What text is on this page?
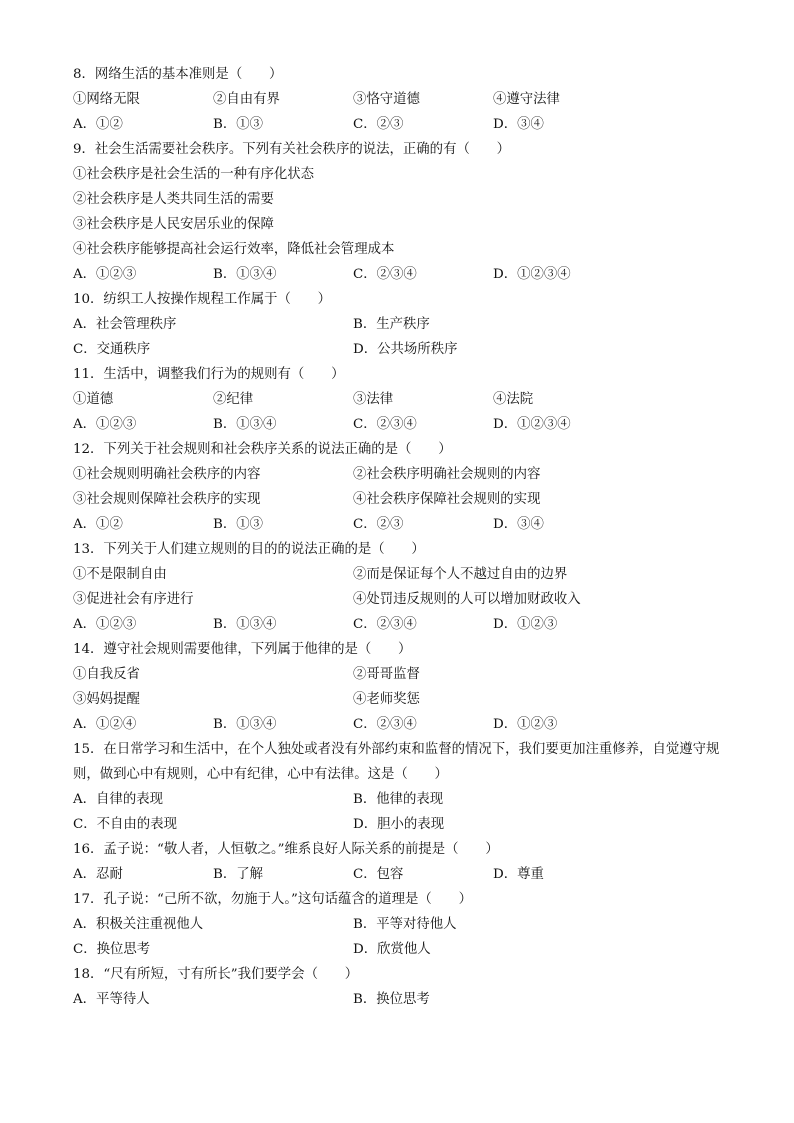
8．网络生活的基本准则是（　　）
①网络无限	②自由有界	③恪守道德	④遵守法律
A．①②	B．①③	C．②③	D．③④
9．社会生活需要社会秩序。下列有关社会秩序的说法，正确的有（　　）
①社会秩序是社会生活的一种有序化状态
②社会秩序是人类共同生活的需要
③社会秩序是人民安居乐业的保障
④社会秩序能够提高社会运行效率，降低社会管理成本
A．①②③	B．①③④	C．②③④	D．①②③④
10．纺织工人按操作规程工作属于（　　）
A．社会管理秩序	B．生产秩序
C．交通秩序	D．公共场所秩序
11．生活中，调整我们行为的规则有（　　）
①道德	②纪律	③法律	④法院
A．①②③	B．①③④	C．②③④	D．①②③④
12．下列关于社会规则和社会秩序关系的说法正确的是（　　）
①社会规则明确社会秩序的内容	②社会秩序明确社会规则的内容
③社会规则保障社会秩序的实现	④社会秩序保障社会规则的实现
A．①②	B．①③	C．②③	D．③④
13．下列关于人们建立规则的目的的说法正确的是（　　）
①不是限制自由	②而是保证每个人不越过自由的边界
③促进社会有序进行	④处罚违反规则的人可以增加财政收入
A．①②③	B．①③④	C．②③④	D．①②③
14．遵守社会规则需要他律，下列属于他律的是（　　）
①自我反省	②哥哥监督
③妈妈提醒	④老师奖惩
A．①②④	B．①③④	C．②③④	D．①②③
15．在日常学习和生活中，在个人独处或者没有外部约束和监督的情况下，我们要更加注重修养，自觉遵守规则，做到心中有规则，心中有纪律，心中有法律。这是（　　）
A．自律的表现	B．他律的表现
C．不自由的表现	D．胆小的表现
16．孟子说：“敬人者，人恒敬之。”维系良好人际关系的前提是（　　）
A．忍耐	B．了解	C．包容	D．尊重
17．孔子说：“己所不欲，勿施于人。”这句话蕴含的道理是（　　）
A．积极关注重视他人	B．平等对待他人
C．换位思考	D．欣赏他人
18．“尺有所短，寸有所长”我们要学会（　　）
A．平等待人	B．换位思考
